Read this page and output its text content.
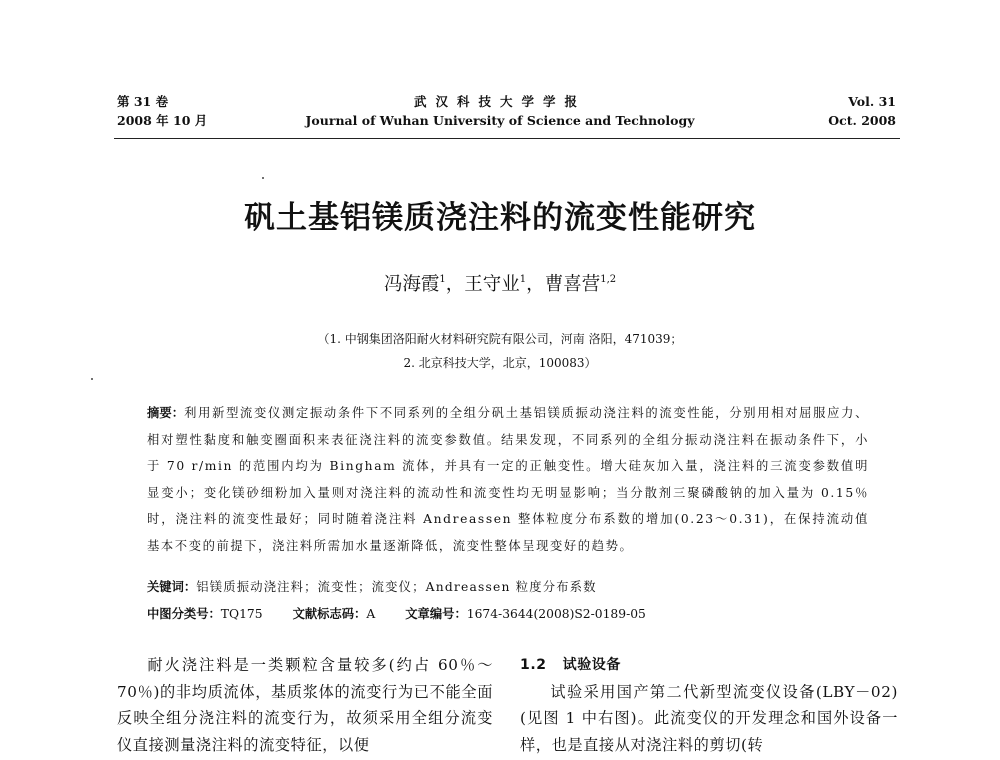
第 31 卷
2008 年 10 月
武汉科技大学学报
Journal of Wuhan University of Science and Technology
Vol. 31
Oct. 2008
矾土基铝镁质浇注料的流变性能研究
冯海霞$^1$，王守业$^1$，曹喜营$^{1,2}$
（1. 中钢集团洛阳耐火材料研究院有限公司，河南 洛阳，471039；
2. 北京科技大学，北京，100083）
摘要：利用新型流变仪测定振动条件下不同系列的全组分矾土基铝镁质振动浇注料的流变性能，分别用相对屈服应力、相对塑性黏度和触变圈面积来表征浇注料的流变参数值。结果发现，不同系列的全组分振动浇注料在振动条件下，小于 70 r/min 的范围内均为 Bingham 流体，并具有一定的正触变性。增大硅灰加入量，浇注料的三流变参数值明显变小；变化镁砂细粉加入量则对浇注料的流动性和流变性均无明显影响；当分散剂三聚磷酸钠的加入量为 0.15％时，浇注料的流变性最好；同时随着浇注料 Andreassen 整体粒度分布系数的增加(0.23～0.31)，在保持流动值基本不变的前提下，浇注料所需加水量逐渐降低，流变性整体呈现变好的趋势。
关键词：铝镁质振动浇注料；流变性；流变仪；Andreassen 粒度分布系数
中图分类号：TQ175 文献标志码：A 文章编号：1674-3644(2008)S2-0189-05

耐火浇注料是一类颗粒含量较多(约占 60％～70％)的非均质流体，基质浆体的流变行为已不能全面反映全组分浇注料的流变行为，故须采用全组分流变仪直接测量浇注料的流变特征，以便

1.2 试验设备

试验采用国产第二代新型流变仪设备(LBY－02)(见图 1 中右图)。此流变仪的开发理念和国外设备一样，也是直接从对浇注料的剪切(转
